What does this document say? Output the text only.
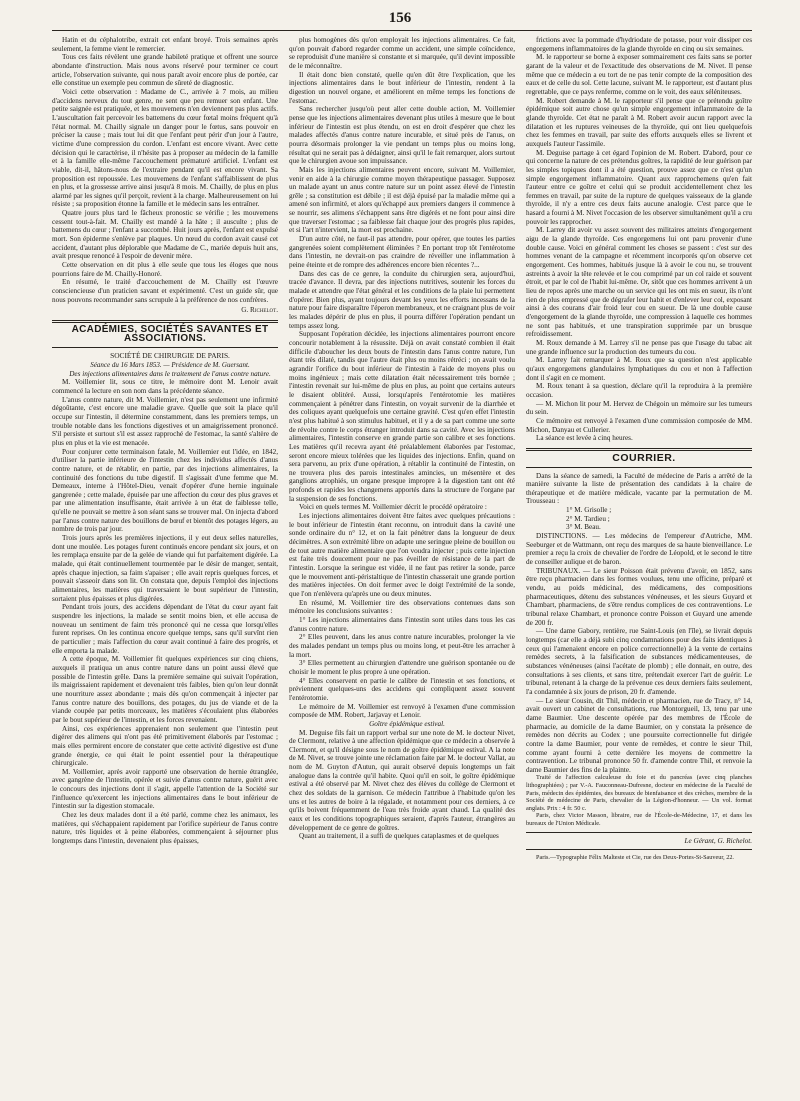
156

Hatin et du céphalotribe, extrait cet enfant broyé. Trois semaines après seulement, la femme vient le remercier.

Tous ces faits révèlent une grande habileté pratique et offrent une source abondante d'instruction. Mais nous avons réservé pour terminer ce court article, l'observation suivante, qui nous paraît avoir encore plus de portée, car elle constitue un exemple peu commun de sûreté de diagnostic.

Voici cette observation : Madame de C., arrivée à 7 mois, au milieu d'accidens nerveux du tout genre, ne sent que peu remuer son enfant. Une petite saignée est pratiquée, et les mouvemens n'en deviennent pas plus actifs. L'auscultation fait percevoir les battemens du cœur fœtal moins fréquent qu'à l'état normal. M. Chailly signale un danger pour le fœtus, sans pouvoir en préciser la cause ; mais tout lui dit que l'enfant peut périr d'un jour à l'autre, victime d'une compression du cordon. L'enfant est encore vivant. Avec cette décision qui le caractérise, il n'hésite pas à proposer au médecin de la famille et à la famille elle-même l'accouchement prématuré artificiel. L'enfant est viable, dit-il, hâtons-nous de l'extraire pendant qu'il est encore vivant. Sa proposition est repoussée. Les mouvemens de l'enfant s'affaiblissent de plus en plus, et la grossesse arrive ainsi jusqu'à 8 mois. M. Chailly, de plus en plus alarmé par les signes qu'il perçoit, revient à la charge. Malheureusement on lui résiste ; sa proposition étonne la famille et le médecin sans les entraîner.

Quatre jours plus tard le fâcheux pronostic se vérifie ; les mouvemens cessent tout-à-fait. M. Chailly est mandé à la hâte ; il ausculte ; plus de battemens du cœur ; l'enfant a succombé. Huit jours après, l'enfant est expulsé mort. Son épiderme s'enlève par plaques. Un nœud du cordon avait causé cet accident, d'autant plus déplorable que Madame de C., mariée depuis huit ans, avait presque renoncé à l'espoir de devenir mère.

Cette observation en dit plus à elle seule que tous les éloges que nous pourrions faire de M. Chailly-Honoré.

En résumé, le traité d'accouchement de M. Chailly est l'œuvre consciencieuse d'un praticien savant et expérimenté. C'est un guide sûr, que nous pouvons recommander sans scrupule à la préférence de nos confrères.

G. Richelot.

ACADÉMIES, SOCIÉTÉS SAVANTES ET ASSOCIATIONS.

SOCIÉTÉ DE CHIRURGIE DE PARIS.

Séance du 16 Mars 1853. — Présidence de M. Guersant.

Des injections alimentaires dans le traitement de l'anus contre nature.

M. Voillemier lit, sous ce titre, le mémoire dont M. Lenoir avait commencé la lecture en son nom dans la précédente séance.

L'anus contre nature, dit M. Voillemier, n'est pas seulement une infirmité dégoûtante, c'est encore une maladie grave. Quelle que soit la place qu'il occupe sur l'intestin, il détermine constamment, dans les premiers temps, un trouble notable dans les fonctions digestives et un amaigrissement prononcé. S'il persiste et surtout s'il est assez rapproché de l'estomac, la santé s'altère de plus en plus et la vie est menacée.

Pour conjurer cette terminaison fatale, M. Voillemier eut l'idée, en 1842, d'utiliser la partie inférieure de l'intestin chez les individus affectés d'anus contre nature, et de rétablir, en partie, par des injections alimentaires, la continuité des fonctions du tube digestif. Il s'agissait d'une femme que M. Demeaux, interne à l'Hôtel-Dieu, venait d'opérer d'une hernie inguinale gangrenée ; cette malade, épuisée par une affection du cœur des plus graves et par une alimentation insuffisante, était arrivée à un état de faiblesse telle, qu'elle ne pouvait se mettre à son séant sans se trouver mal. On injecta d'abord par l'anus contre nature des bouillons de bœuf et bientôt des potages légers, au nombre de trois par jour.

Trois jours après les premières injections, il y eut deux selles naturelles, dont une moulée. Les potages furent continués encore pendant six jours, et on les remplaça ensuite par de la gelée de viande qui fut parfaitement digérée. La malade, qui était continuellement tourmentée par le désir de manger, sentait, après chaque injection, sa faim s'apaiser ; elle avait repris quelques forces, et pouvait s'asseoir dans son lit. On constata que, depuis l'emploi des injections alimentaires, les matières qui traversaient le bout supérieur de l'intestin, sortaient plus épaisses et plus digérées.

Pendant trois jours, des accidens dépendant de l'état du cœur ayant fait suspendre les injections, la malade se sentit moins bien, et elle accusa de nouveau un sentiment de faim très prononcé qui ne cessa que lorsqu'elles furent reprises. On les continua encore quelque temps, sans qu'il survînt rien de particulier ; mais l'affection du cœur avait continué à faire des progrès, et elle emporta la malade.

A cette époque, M. Voillemier fit quelques expériences sur cinq chiens, auxquels il pratiqua un anus contre nature dans un point aussi élevé que possible de l'intestin grêle. Dans la première semaine qui suivait l'opération, ils maigrissaient rapidement et devenaient très faibles, bien qu'on leur donnât une nourriture assez abondante ; mais dès qu'on commençait à injecter par l'anus contre nature des bouillons, des potages, du jus de viande et de la viande coupée par petits morceaux, les matières s'écoulaient plus élaborées par le bout supérieur de l'intestin, et les forces revenaient.

Ainsi, ces expériences apprenaient non seulement que l'intestin peut digérer des alimens qui n'ont pas été primitivement élaborés par l'estomac ; mais elles permirent encore de constater que cette activité digestive est d'une grande énergie, ce qui était le point essentiel pour la thérapeutique chirurgicale.

M. Voillemier, après avoir rapporté une observation de hernie étranglée, avec gangrène de l'intestin, opérée et suivie d'anus contre nature, guérit avec le concours des injections dont il s'agit, appelle l'attention de la Société sur l'influence qu'exercent les injections alimentaires dans le bout inférieur de l'intestin sur la digestion stomacale.

Chez les deux malades dont il a été parlé, comme chez les animaux, les matières, qui s'échappaient rapidement par l'orifice supérieur de l'anus contre nature, très liquides et à peine élaborées, commençaient à séjourner plus longtemps dans l'intestin, devenaient plus épaisses,

plus homogènes dès qu'on employait les injections alimentaires. Ce fait, qu'on pouvait d'abord regarder comme un accident, une simple coïncidence, se reproduisit d'une manière si constante et si marquée, qu'il devint impossible de le méconnaître.

Il était donc bien constaté, quelle qu'en dût être l'explication, que les injections alimentaires dans le bout inférieur de l'intestin, rendent à la digestion un nouvel organe, et améliorent en même temps les fonctions de l'estomac.

Sans rechercher jusqu'où peut aller cette double action, M. Voillemier pense que les injections alimentaires devenant plus utiles à mesure que le bout inférieur de l'intestin est plus étendu, on est en droit d'espérer que chez les malades affectés d'anus contre nature incurable, et situé près de l'anus, on pourra désormais prolonger la vie pendant un temps plus ou moins long, résultat qui ne serait pas à dédaigner, ainsi qu'il le fait remarquer, alors surtout que le chirurgien avoue son impuissance.

Mais les injections alimentaires peuvent encore, suivant M. Voillemier, venir en aide à la chirurgie comme moyen thérapeutique passager. Supposez un malade ayant un anus contre nature sur un point assez élevé de l'intestin grêle ; sa constitution est débile ; il est déjà épuisé par la maladie même qui a amené son infirmité, et alors qu'échappé aux premiers dangers il commence à se nourrir, ses alimens s'échappent sans être digérés et ne font pour ainsi dire que traverser l'estomac ; sa faiblesse fait chaque jour des progrès plus rapides, et si l'art n'intervient, la mort est prochaine.

D'un autre côté, ne faut-il pas attendre, pour opérer, que toutes les parties gangrenées soient complètement éliminées ? En portant trop tôt l'entérotome dans l'intestin, ne devrait-on pas craindre de réveiller une inflammation à peine éteinte et de rompre des adhérences encore bien récentes ?...

Dans des cas de ce genre, la conduite du chirurgien sera, aujourd'hui, tracée d'avance. Il devra, par des injections nutritives, soutenir les forces du malade et attendre que l'état général et les conditions de la plaie lui permettent d'opérer. Bien plus, ayant toujours devant les yeux les efforts incessans de la nature pour faire disparaître l'éperon membraneux, et ne craignant plus de voir les malades dépérir de plus en plus, il pourra différer l'opération pendant un temps assez long.

Supposant l'opération décidée, les injections alimentaires pourront encore concourir notablement à la résussite. Déjà on avait constaté combien il était difficile d'aboucher les deux bouts de l'intestin dans l'anus contre nature, l'un étant très dilaté, tandis que l'autre était plus ou moins rétréci ; on avait voulu agrandir l'orifice du bout inférieur de l'intestin à l'aide de moyens plus ou moins ingénieux ; mais cette dilatation était nécessairement très bornée ; l'intestin revenait sur lui-même de plus en plus, au point que certains auteurs le disaient oblitéré. Aussi, lorsqu'après l'entérotomie les matières commençaient à pénétrer dans l'intestin, on voyait survenir de la diarrhée et des coliques ayant quelquefois une certaine gravité. C'est qu'en effet l'intestin n'est plus habitué à son stimulus habituel, et il y a de sa part comme une sorte de révolte contre le corps étranger introduit dans sa cavité. Avec les injections alimentaires, l'intestin conserve en grande partie son calibre et ses fonctions. Les matières qu'il recevra ayant été préalablement élaborées par l'estomac, seront encore mieux tolérées que les liquides des injections. Enfin, quand on sera parvenu, au prix d'une opération, à rétablir la continuité de l'intestin, on ne trouvera plus des parois intestinales amincies, un mésentère et des ganglions atrophiés, un organe presque impropre à la digestion tant ont été profonds et rapides les changemens apportés dans la structure de l'organe par la suspension de ses fonctions.

Voici en quels termes M. Voillemier décrit le procédé opératoire :

Les injections alimentaires doivent être faites avec quelques précautions : le bout inférieur de l'intestin étant reconnu, on introduit dans la cavité une sonde ordinaire du n° 12, et on la fait pénétrer dans la longueur de deux décimètres. A son extrémité libre on adapte une seringue pleine de bouillon ou de tout autre matière alimentaire que l'on voudra injecter ; puis cette injection est faite très doucement pour ne pas éveiller de résistance de la part de l'intestin. Lorsque la seringue est vidée, il ne faut pas retirer la sonde, parce que le mouvement anti-péristaltique de l'intestin chasserait une grande portion des matières injectées. On doit fermer avec le doigt l'extrémité de la sonde, que l'on n'enlèvera qu'après une ou deux minutes.

En résumé, M. Voillemier tire des observations contenues dans son mémoire les conclusions suivantes :

1° Les injections alimentaires dans l'intestin sont utiles dans tous les cas d'anus contre nature.

2° Elles peuvent, dans les anus contre nature incurables, prolonger la vie des malades pendant un temps plus ou moins long, et peut-être les arracher à la mort.

3° Elles permettent au chirurgien d'attendre une guérison spontanée ou de choisir le moment le plus propre à une opération.

4° Elles conservent en partie le calibre de l'intestin et ses fonctions, et préviennent quelques-uns des accidens qui compliquent assez souvent l'entérotomie.

Le mémoire de M. Voillemier est renvoyé à l'examen d'une commission composée de MM. Robert, Jarjavay et Lenoir.

Goître épidémique estival.

M. Deguise fils fait un rapport verbal sur une note de M. le docteur Nivet, de Clermont, relative à une affection épidémique que ce médecin a observée à Clermont, et qu'il désigne sous le nom de goître épidémique estival. A la note de M. Nivet, se trouve jointe une réclamation faite par M. le docteur Vallat, au nom de M. Guyton d'Autun, qui aurait observé depuis longtemps un fait analogue dans la contrée qu'il habite. Quoi qu'il en soit, le goître épidémique estival a été observé par M. Nivet chez des élèves du collège de Clermont et chez des soldats de la garnison. Ce médecin l'attribue à l'habitude qu'on les uns et les autres de boire à la régalade, et notamment pour ces derniers, à ce qu'ils boivent fréquemment de l'eau très froide ayant chaud. La qualité des eaux et les conditions topographiques seraient, d'après l'auteur, étrangères au développement de ce genre de goîtres.

Quant au traitement, il a suffi de quelques cataplasmes et de quelques

frictions avec la pommade d'hydriodate de potasse, pour voir dissiper ces engorgemens inflammatoires de la glande thyroïde en cinq ou six semaines.

M. le rapporteur se borne à exposer sommairement ces faits sans se porter garant de la valeur et de l'exactitude des observations de M. Nivet. Il pense même que ce médecin a eu tort de ne pas tenir compte de la composition des eaux et de celle du sol. Cette lacune, suivant M. le rapporteur, est d'autant plus regrettable, que ce pays renferme, comme on le voit, des eaux séléniteuses.

M. Robert demande à M. le rapporteur s'il pense que ce prétendu goître épidémique soit autre chose qu'un simple engorgement inflammatoire de la glande thyroïde. Cet état ne paraît à M. Robert avoir aucun rapport avec la dilatation et les ruptures veineuses de la thyroïde, qui ont lieu quelquefois chez les femmes en travail, par suite des efforts auxquels elles se livrent et auxquels l'auteur l'assimile.

M. Deguise partage à cet égard l'opinion de M. Robert. D'abord, pour ce qui concerne la nature de ces prétendus goîtres, la rapidité de leur guérison par les simples topiques dont il a été question, prouve assez que ce n'est qu'un simple engorgement inflammatoire. Quant aux rapprochemens qu'en fait l'auteur entre ce goître et celui qui se produit accidentellement chez les femmes en travail, par suite de la rupture de quelques vaisseaux de la glande thyroïde, il n'y a entre ces deux faits aucune analogie. C'est parce que le hasard a fourni à M. Nivet l'occasion de les observer simultanément qu'il a cru pouvoir les rapprocher.

M. Larrey dit avoir vu assez souvent des militaires atteints d'engorgement aigu de la glande thyroïde. Ces engorgemens lui ont paru provenir d'une double cause. Voici en général comment les choses se passent : c'est sur des hommes venant de la campagne et récemment incorporés qu'on observe cet engorgement. Ces hommes, habitués jusque là à avoir le cou nu, se trouvent astreints à avoir la tête relevée et le cou comprimé par un col raide et souvent étroit, et par le col de l'habit lui-même. Or, sitôt que ces hommes arrivent à un lieu de repos après une marche ou un service qui les ont mis en sueur, ils n'ont rien de plus empressé que de dégrafer leur habit et d'enlever leur col, exposant ainsi à des courans d'air froid leur cou en sueur. De là une double cause d'engorgement de la glande thyroïde, une compression à laquelle ces hommes ne sont pas habitués, et une transpiration supprimée par un brusque refroidissement.

M. Roux demande à M. Larrey s'il ne pense pas que l'usage du tabac ait une grande influence sur la production des tumeurs du cou.

M. Larrey fait remarquer à M. Roux que sa question n'est applicable qu'aux engorgemens glandulaires lymphatiques du cou et non à l'affection dont il s'agit en ce moment.

M. Roux tenant à sa question, déclare qu'il la reproduira à la première occasion.

— M. Michon lit pour M. Hervez de Chégoin un mémoire sur les tumeurs du sein.

Ce mémoire est renvoyé à l'examen d'une commission composée de MM. Michon, Danyau et Cullerier.

La séance est levée à cinq heures.

COURRIER.

Dans la séance de samedi, la Faculté de médecine de Paris a arrêté de la manière suivante la liste de présentation des candidats à la chaire de thérapeutique et de matière médicale, vacante par la permutation de M. Trousseau :

1° M. Grisolle ;

2° M. Tardieu ;

3° M. Beau.

DISTINCTIONS. — Les médecins de l'empereur d'Autriche, MM. Seeburger et de Wattmann, ont reçu des marques de sa haute bienveillance. Le premier a reçu la croix de chevalier de l'ordre de Léopold, et le second le titre de conseiller aulique et de baron.

TRIBUNAUX. — Le sieur Poisson était prévenu d'avoir, en 1852, sans être reçu pharmacien dans les formes voulues, tenu une officine, préparé et vendu, au poids médicinal, des médicamens, des compositions pharmaceutiques, détenu des substances vénéneuses, et les sieurs Guyard et Chambart, pharmaciens, de s'être rendus complices de ces contraventions. Le tribunal relaxe Chambart, et prononce contre Poisson et Guyard une amende de 200 fr.

— Une dame Gabory, rentière, rue Saint-Louis (en l'île), se livrait depuis longtemps (car elle a déjà subi cinq condamnations pour des faits identiques à ceux qui l'amenaient encore en police correctionnelle) à la vente de certains remèdes secrets, à la falsification de substances médicamenteuses, de substances vénéneuses (ainsi l'acétate de plomb) ; elle donnait, en outre, des consultations à ses clients, et sans titre, prétendait exercer l'art de guérir. Le tribunal, retenant à la charge de la prévenue ces deux derniers faits seulement, l'a condamnée à six jours de prison, 20 fr. d'amende.

— Le sieur Cousin, dit Thil, médecin et pharmacien, rue de Tracy, n° 14, avait ouvert un cabinet de consultations, rue Montorgueil, 13, tenu par une dame Baumier. Une descente opérée par des membres de l'École de pharmacie, au domicile de la dame Baumier, on y constata la présence de remèdes non décrits au Codex ; une poursuite correctionnelle fut dirigée contre la dame Baumier, pour vente de remèdes, et contre le sieur Thil, comme ayant fourni à cette dernière les moyens de commettre la contravention. Le tribunal prononce 50 fr. d'amende contre Thil, et renvoie la dame Baumier des fins de la plainte.

Traité de l'affection calculeuse du foie et du pancréas (avec cinq planches lithographiées) ; par V.-A. Fauconneau-Dufresne, docteur en médecine de la Faculté de Paris, médecin des épidémies, des bureaux de bienfaisance et des crèches, membre de la Société de médecine de Paris, chevalier de la Légion-d'honneur. — Un vol. format anglais. Prix : 4 fr. 50 c.

Paris, chez Victor Masson, libraire, rue de l'École-de-Médecine, 17, et dans les bureaux de l'Union Médicale.

Le Gérant, G. Richelot.

Paris.—Typographie Félix Malteste et Cie, rue des Deux-Portes-St-Sauveur, 22.
